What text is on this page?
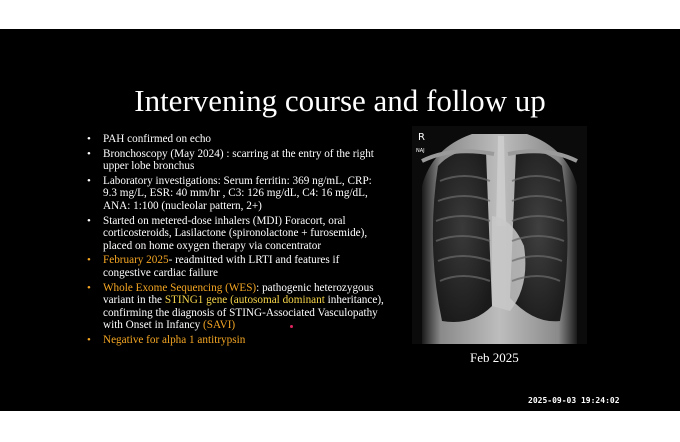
Intervening course and follow up
• PAH confirmed on echo
• Bronchoscopy (May 2024) : scarring at the entry of the right upper lobe bronchus
• Laboratory investigations: Serum ferritin: 369 ng/mL, CRP: 9.3 mg/L, ESR: 40 mm/hr , C3: 126 mg/dL, C4: 16 mg/dL, ANA: 1:100 (nucleolar pattern, 2+)
• Started on metered-dose inhalers (MDI) Foracort, oral corticosteroids, Lasilactone (spironolactone + furosemide), placed on home oxygen therapy via concentrator
• February 2025- readmitted with LRTI and features if congestive cardiac failure
• Whole Exome Sequencing (WES): pathogenic heterozygous variant in the STING1 gene (autosomal dominant inheritance), confirming the diagnosis of STING-Associated Vasculopathy with Onset in Infancy (SAVI)
• Negative for alpha 1 antitrypsin
R
NAJ
Feb 2025
2025-09-03 19:24:02
